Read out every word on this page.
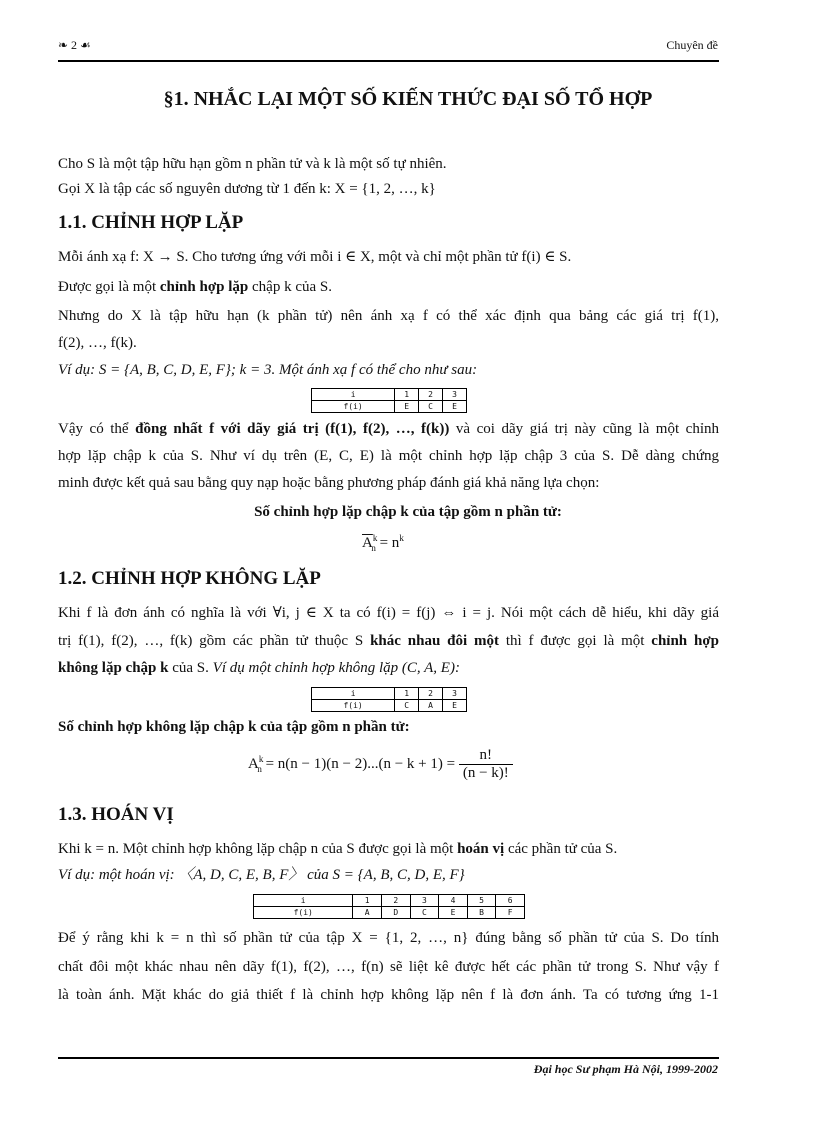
❧ 2 ☙	Chuyên đề
§1. NHẮC LẠI MỘT SỐ KIẾN THỨC ĐẠI SỐ TỔ HỢP
Cho S là một tập hữu hạn gồm n phần tử và k là một số tự nhiên.
Gọi X là tập các số nguyên dương từ 1 đến k: X = {1, 2, …, k}
1.1. CHỈNH HỢP LẶP
Mỗi ánh xạ f: X → S. Cho tương ứng với mỗi i ∈ X, một và chỉ một phần tử f(i) ∈ S.
Được gọi là một chỉnh hợp lặp chập k của S.
Nhưng do X là tập hữu hạn (k phần tử) nên ánh xạ f có thể xác định qua bảng các giá trị f(1),
f(2), …, f(k).
Ví dụ: S = {A, B, C, D, E, F}; k = 3. Một ánh xạ f có thể cho như sau:
i	1	2	3
f(i)	E	C	E
Vậy có thể đồng nhất f với dãy giá trị (f(1), f(2), …, f(k)) và coi dãy giá trị này cũng là một chỉnh
hợp lặp chập k của S. Như ví dụ trên (E, C, E) là một chỉnh hợp lặp chập 3 của S. Dễ dàng chứng
minh được kết quả sau bằng quy nạp hoặc bằng phương pháp đánh giá khả năng lựa chọn:
Số chỉnh hợp lặp chập k của tập gồm n phần tử:
$\overline{A}^k_n = n^k$
1.2. CHỈNH HỢP KHÔNG LẶP
Khi f là đơn ánh có nghĩa là với ∀i, j ∈ X ta có f(i) = f(j) ⇔ i = j. Nói một cách dễ hiểu, khi dãy giá
trị f(1), f(2), …, f(k) gồm các phần tử thuộc S khác nhau đôi một thì f được gọi là một chỉnh hợp
không lặp chập k của S. Ví dụ một chỉnh hợp không lặp (C, A, E):
i	1	2	3
f(i)	C	A	E
Số chỉnh hợp không lặp chập k của tập gồm n phần tử:
$A^k_n = n(n - 1)(n - 2)...(n - k + 1) = \frac{n!}{(n - k)!}$
1.3. HOÁN VỊ
Khi k = n. Một chỉnh hợp không lặp chập n của S được gọi là một hoán vị các phần tử của S.
Ví dụ: một hoán vị: 〈A, D, C, E, B, F〉 của S = {A, B, C, D, E, F}
i	1	2	3	4	5	6
f(i)	A	D	C	E	B	F
Để ý rằng khi k = n thì số phần tử của tập X = {1, 2, …, n} đúng bằng số phần tử của S. Do tính
chất đôi một khác nhau nên dãy f(1), f(2), …, f(n) sẽ liệt kê được hết các phần tử trong S. Như vậy f
là toàn ánh. Mặt khác do giả thiết f là chỉnh hợp không lặp nên f là đơn ánh. Ta có tương ứng 1-1
Đại học Sư phạm Hà Nội, 1999-2002
